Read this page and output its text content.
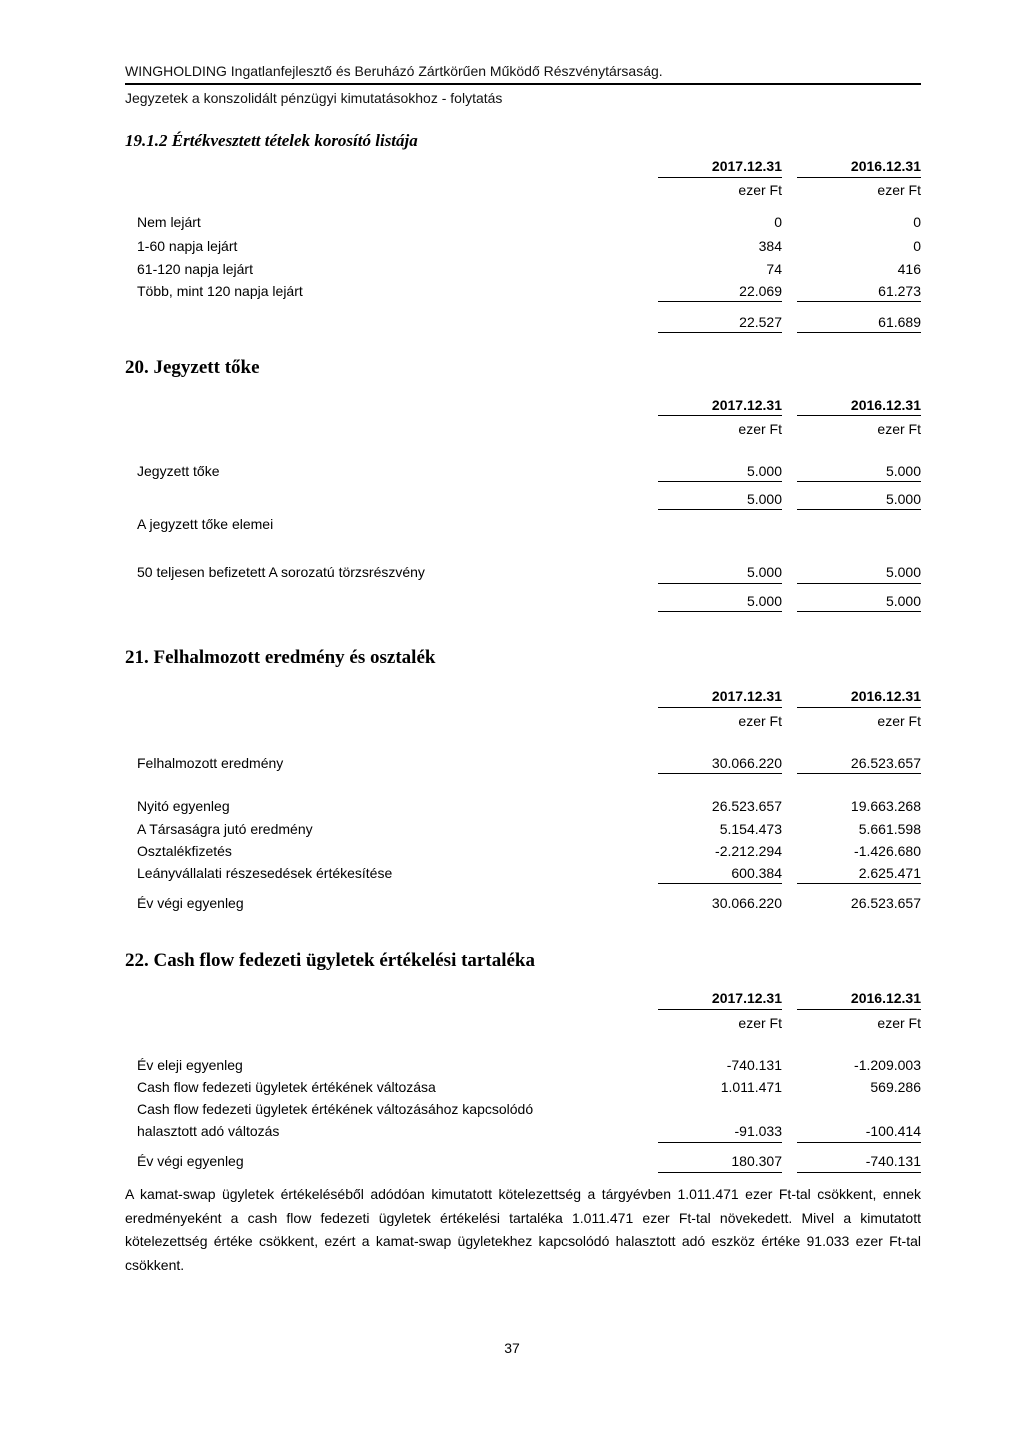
WINGHOLDING Ingatlanfejlesztő és Beruházó Zártkörűen Működő Részvénytársaság.
Jegyzetek a konszolidált pénzügyi kimutatásokhoz - folytatás
19.1.2 Értékvesztett tételek korosító listája
2017.12.31	2016.12.31
ezer Ft	ezer Ft
Nem lejárt	0	0
1-60 napja lejárt	384	0
61-120 napja lejárt	74	416
Több, mint 120 napja lejárt	22.069	61.273
22.527	61.689
20. Jegyzett tőke
2017.12.31	2016.12.31
ezer Ft	ezer Ft
Jegyzett tőke	5.000	5.000
5.000	5.000
A jegyzett tőke elemei
50 teljesen befizetett A sorozatú törzsrészvény	5.000	5.000
5.000	5.000
21. Felhalmozott eredmény és osztalék
2017.12.31	2016.12.31
ezer Ft	ezer Ft
Felhalmozott eredmény	30.066.220	26.523.657
Nyitó egyenleg	26.523.657	19.663.268
A Társaságra jutó eredmény	5.154.473	5.661.598
Osztalékfizetés	-2.212.294	-1.426.680
Leányvállalati részesedések értékesítése	600.384	2.625.471
Év végi egyenleg	30.066.220	26.523.657
22. Cash flow fedezeti ügyletek értékelési tartaléka
2017.12.31	2016.12.31
ezer Ft	ezer Ft
Év eleji egyenleg	-740.131	-1.209.003
Cash flow fedezeti ügyletek értékének változása	1.011.471	569.286
Cash flow fedezeti ügyletek értékének változásához kapcsolódó
halasztott adó változás	-91.033	-100.414
Év végi egyenleg	180.307	-740.131
A kamat-swap ügyletek értékeléséből adódóan kimutatott kötelezettség a tárgyévben 1.011.471 ezer Ft-tal csökkent, ennek eredményeként a cash flow fedezeti ügyletek értékelési tartaléka 1.011.471 ezer Ft-tal növekedett. Mivel a kimutatott kötelezettség értéke csökkent, ezért a kamat-swap ügyletekhez kapcsolódó halasztott adó eszköz értéke 91.033 ezer Ft-tal csökkent.
37
